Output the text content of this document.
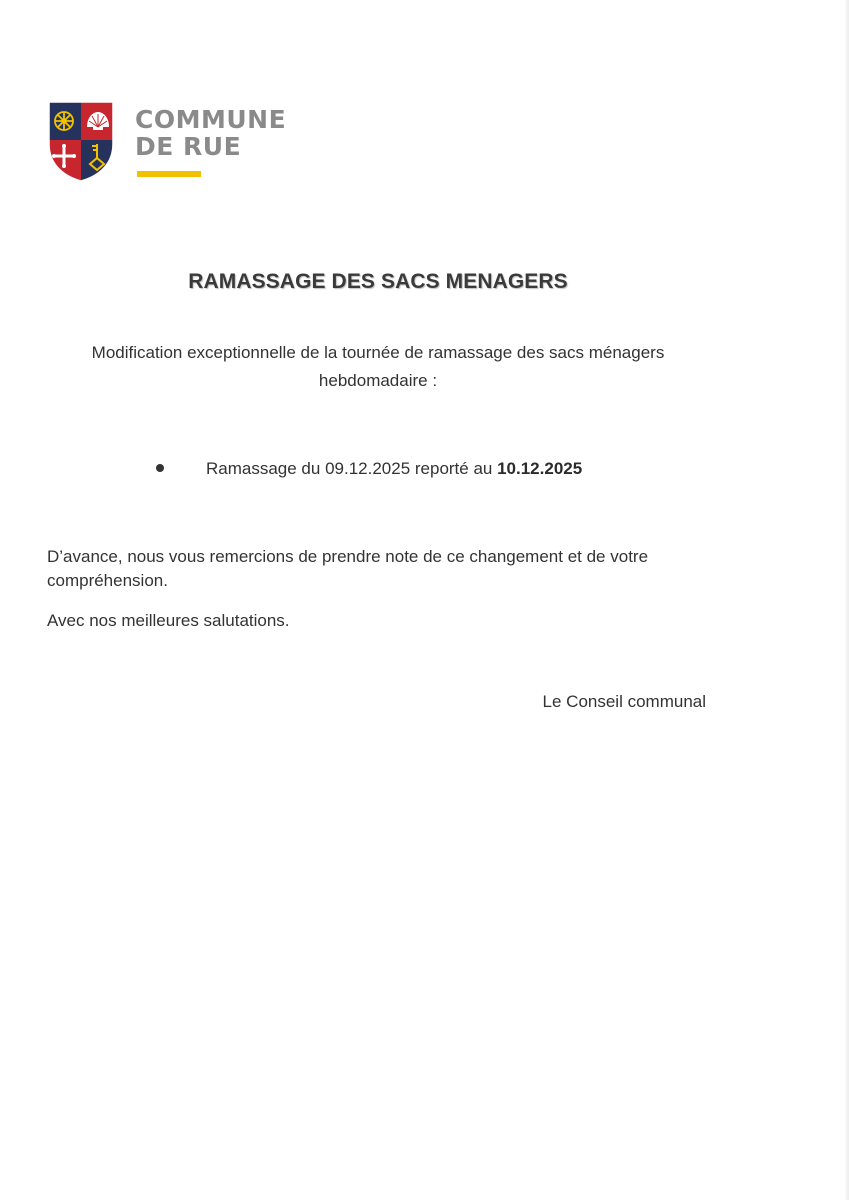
COMMUNE
DE RUE
RAMASSAGE DES SACS MENAGERS
Modification exceptionnelle de la tournée de ramassage des sacs ménagers
hebdomadaire :
Ramassage du 09.12.2025 reporté au 10.12.2025
D’avance, nous vous remercions de prendre note de ce changement et de votre compréhension.
Avec nos meilleures salutations.
Le Conseil communal
